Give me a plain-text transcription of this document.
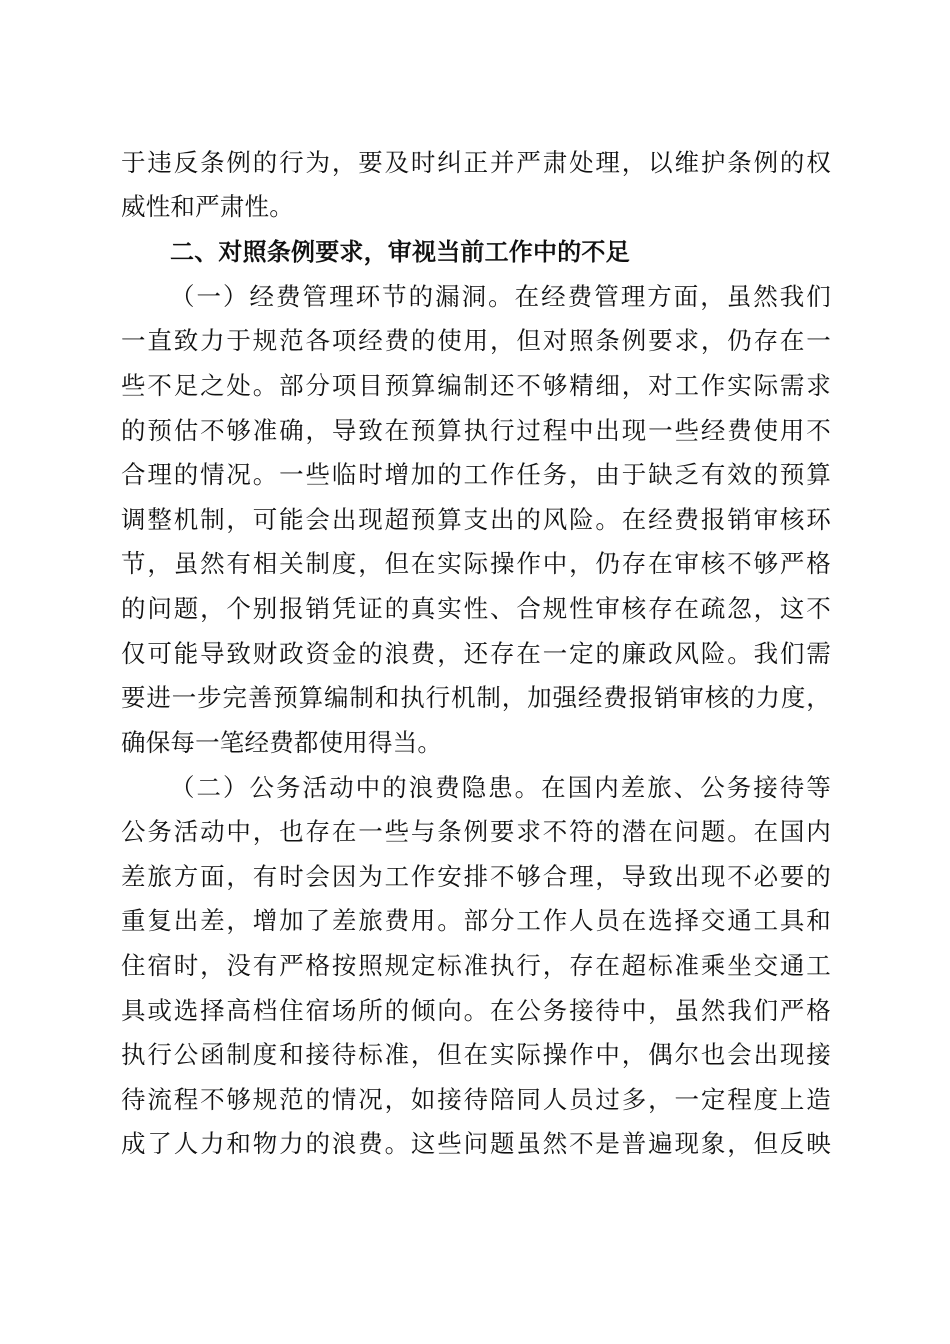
于违反条例的行为，要及时纠正并严肃处理，以维护条例的权
威性和严肃性。
二、对照条例要求，审视当前工作中的不足
（一）经费管理环节的漏洞。在经费管理方面，虽然我们
一直致力于规范各项经费的使用，但对照条例要求，仍存在一
些不足之处。部分项目预算编制还不够精细，对工作实际需求
的预估不够准确，导致在预算执行过程中出现一些经费使用不
合理的情况。一些临时增加的工作任务，由于缺乏有效的预算
调整机制，可能会出现超预算支出的风险。在经费报销审核环
节，虽然有相关制度，但在实际操作中，仍存在审核不够严格
的问题，个别报销凭证的真实性、合规性审核存在疏忽，这不
仅可能导致财政资金的浪费，还存在一定的廉政风险。我们需
要进一步完善预算编制和执行机制，加强经费报销审核的力度，
确保每一笔经费都使用得当。
（二）公务活动中的浪费隐患。在国内差旅、公务接待等
公务活动中，也存在一些与条例要求不符的潜在问题。在国内
差旅方面，有时会因为工作安排不够合理，导致出现不必要的
重复出差，增加了差旅费用。部分工作人员在选择交通工具和
住宿时，没有严格按照规定标准执行，存在超标准乘坐交通工
具或选择高档住宿场所的倾向。在公务接待中，虽然我们严格
执行公函制度和接待标准，但在实际操作中，偶尔也会出现接
待流程不够规范的情况，如接待陪同人员过多，一定程度上造
成了人力和物力的浪费。这些问题虽然不是普遍现象，但反映
